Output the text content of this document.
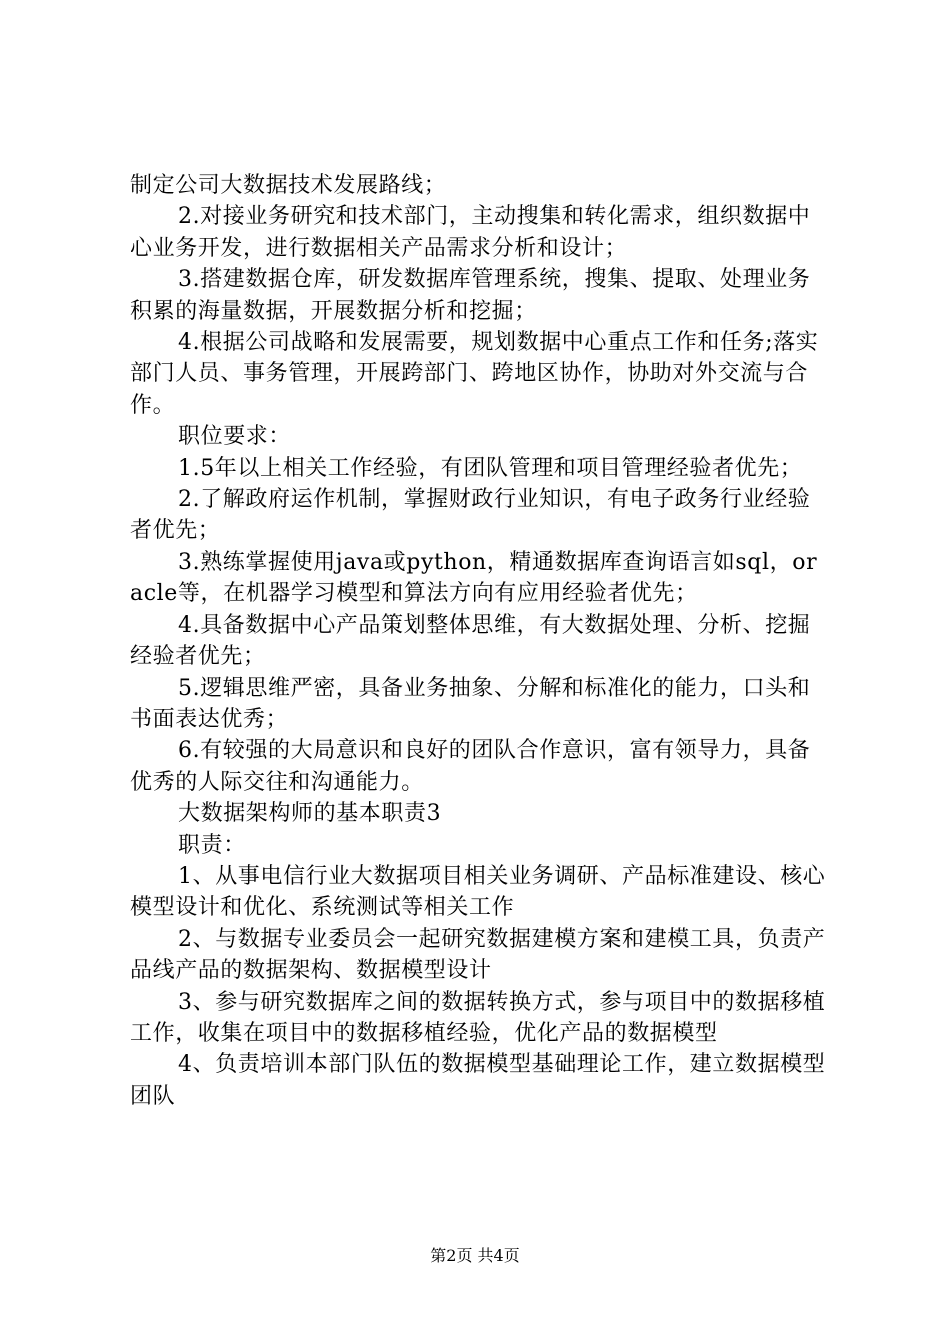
制定公司大数据技术发展路线；

2.对接业务研究和技术部门，主动搜集和转化需求，组织数据中心业务开发，进行数据相关产品需求分析和设计；

3.搭建数据仓库，研发数据库管理系统，搜集、提取、处理业务积累的海量数据，开展数据分析和挖掘；

4.根据公司战略和发展需要，规划数据中心重点工作和任务;落实部门人员、事务管理，开展跨部门、跨地区协作，协助对外交流与合作。

职位要求：

1.5年以上相关工作经验，有团队管理和项目管理经验者优先；

2.了解政府运作机制，掌握财政行业知识，有电子政务行业经验者优先；

3.熟练掌握使用java或python，精通数据库查询语言如sql，oracle等，在机器学习模型和算法方向有应用经验者优先；

4.具备数据中心产品策划整体思维，有大数据处理、分析、挖掘经验者优先；

5.逻辑思维严密，具备业务抽象、分解和标准化的能力，口头和书面表达优秀；

6.有较强的大局意识和良好的团队合作意识，富有领导力，具备优秀的人际交往和沟通能力。

大数据架构师的基本职责3

职责：

1、从事电信行业大数据项目相关业务调研、产品标准建设、核心模型设计和优化、系统测试等相关工作

2、与数据专业委员会一起研究数据建模方案和建模工具，负责产品线产品的数据架构、数据模型设计

3、参与研究数据库之间的数据转换方式，参与项目中的数据移植工作，收集在项目中的数据移植经验，优化产品的数据模型

4、负责培训本部门队伍的数据模型基础理论工作，建立数据模型团队

第2页 共4页
